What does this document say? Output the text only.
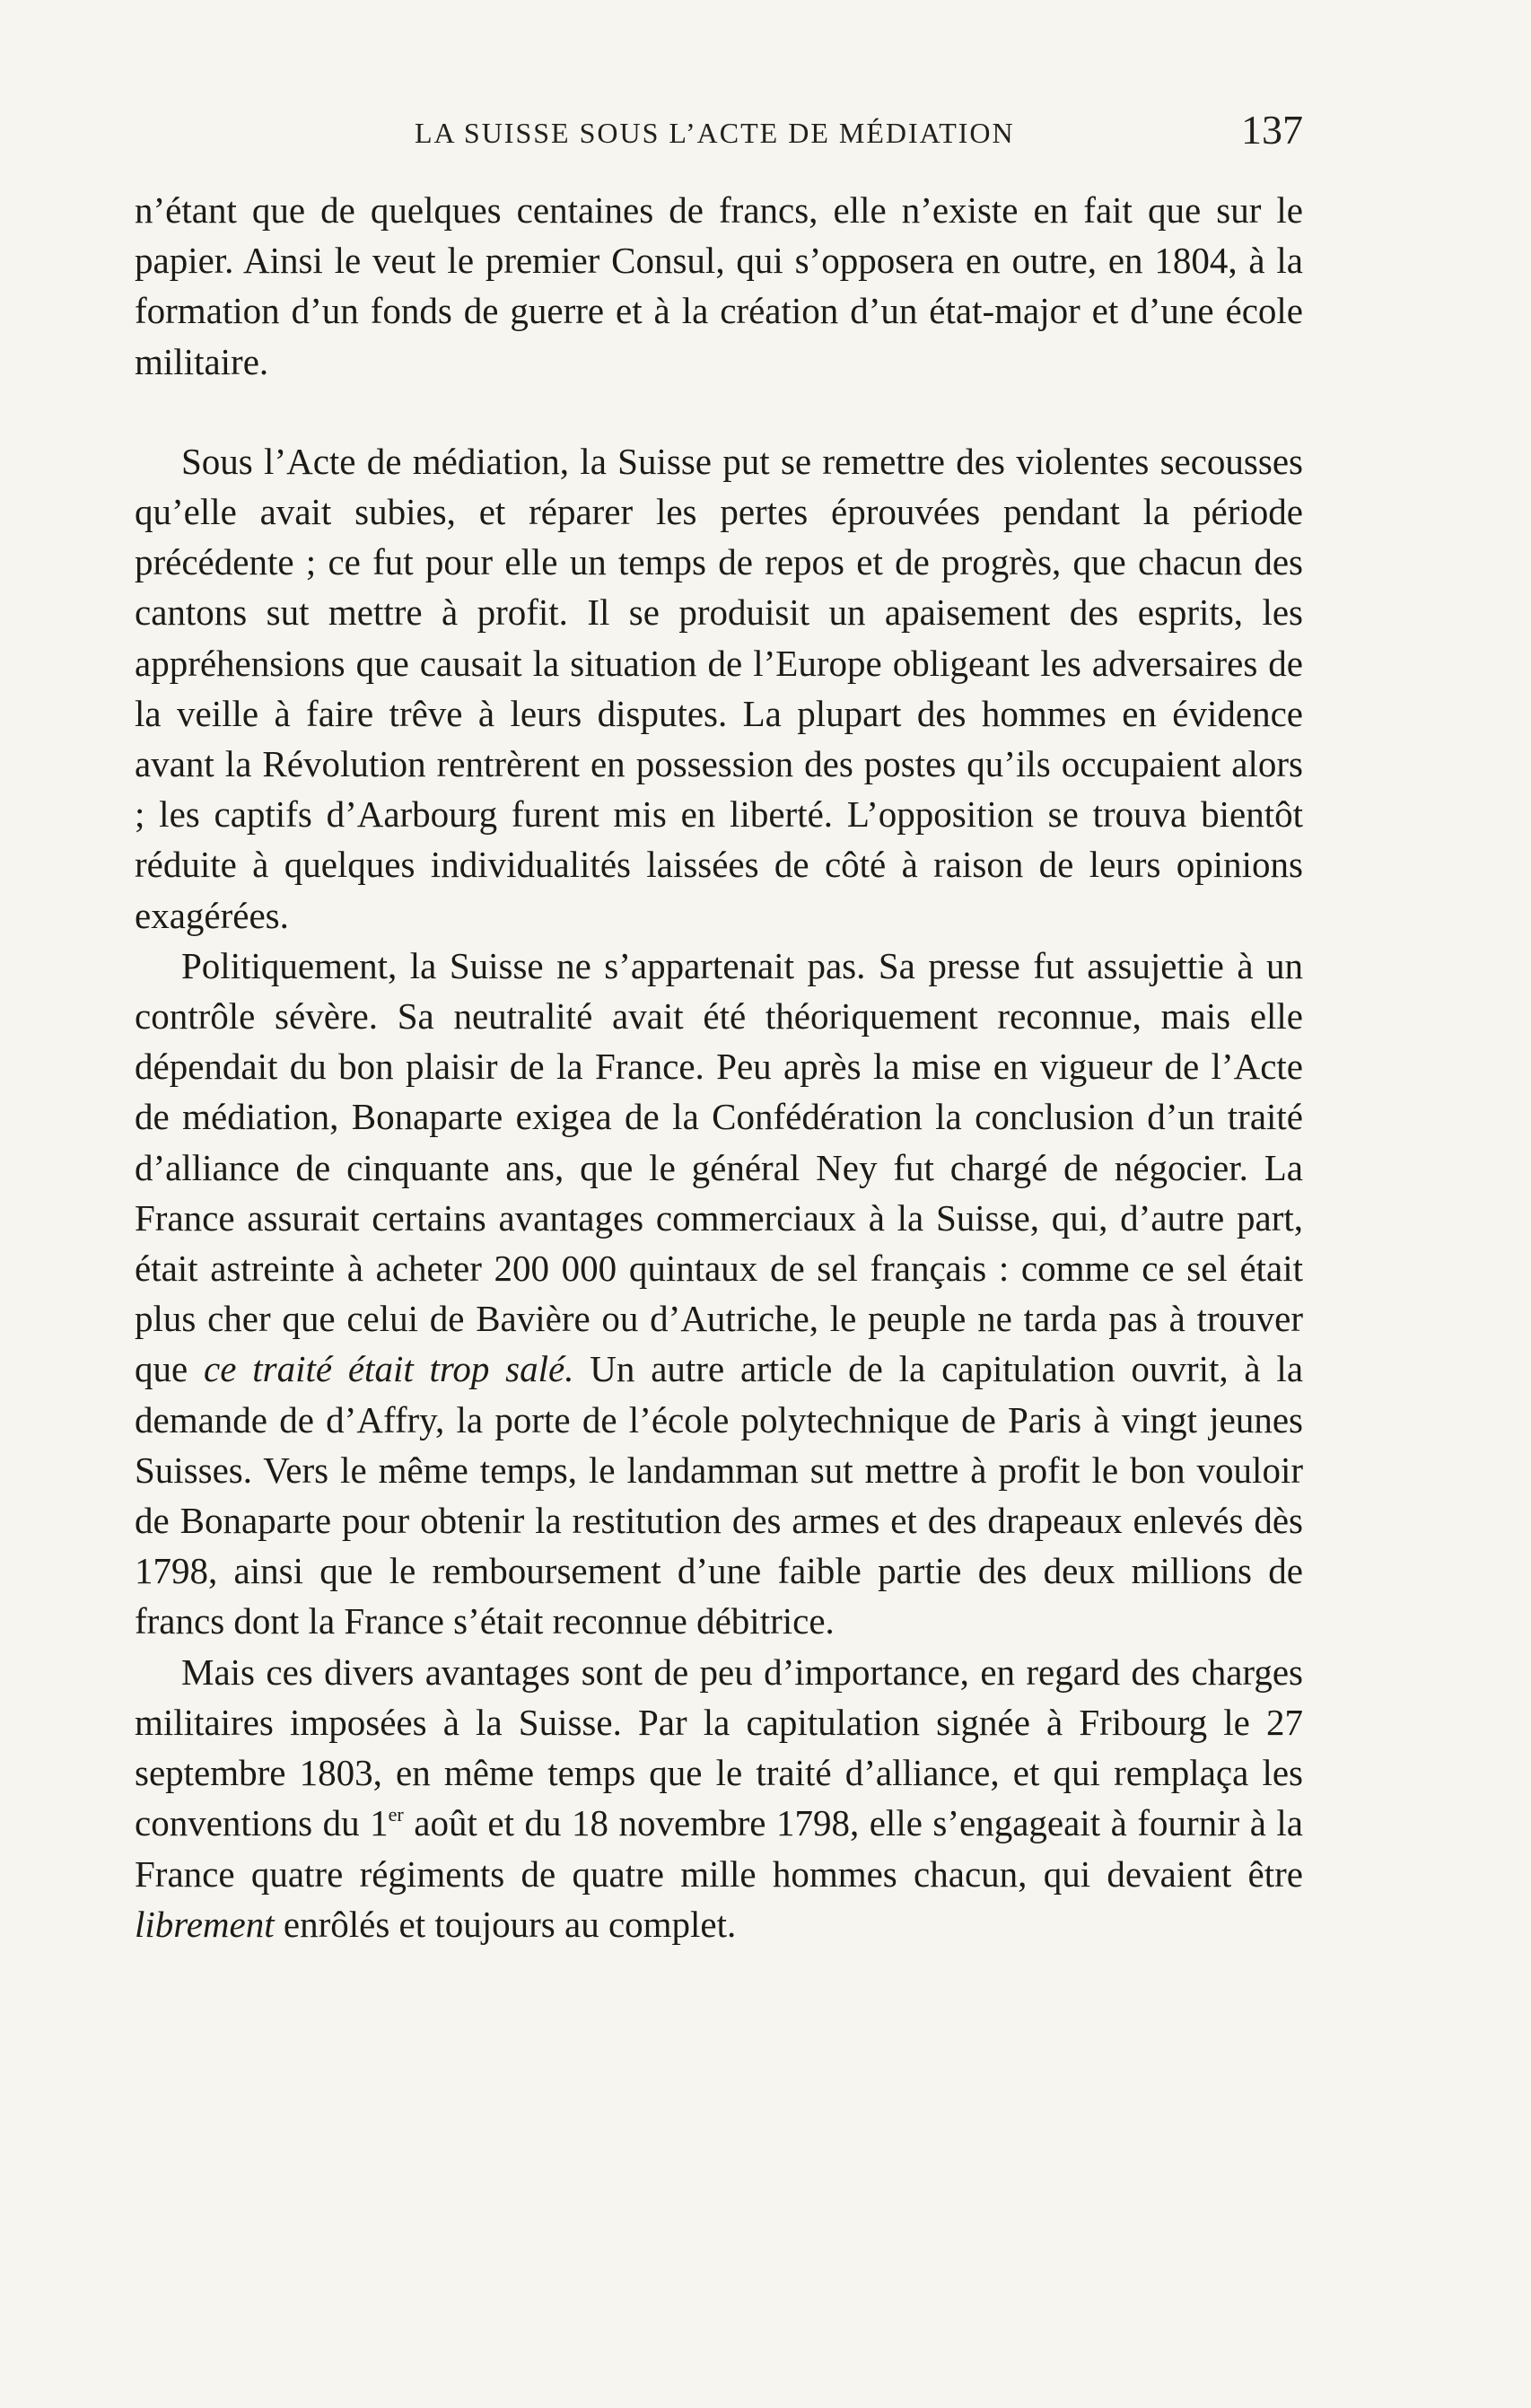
LA SUISSE SOUS L’ACTE DE MÉDIATION	137

n’étant que de quelques centaines de francs, elle n’existe en fait que sur le papier. Ainsi le veut le premier Consul, qui s’opposera en outre, en 1804, à la formation d’un fonds de guerre et à la création d’un état-major et d’une école militaire.

Sous l’Acte de médiation, la Suisse put se remettre des violentes secousses qu’elle avait subies, et réparer les pertes éprouvées pendant la période précédente ; ce fut pour elle un temps de repos et de progrès, que chacun des cantons sut mettre à profit. Il se produisit un apaisement des esprits, les appréhensions que causait la situation de l’Europe obligeant les adversaires de la veille à faire trêve à leurs disputes. La plupart des hommes en évidence avant la Révolution rentrèrent en possession des postes qu’ils occupaient alors ; les captifs d’Aarbourg furent mis en liberté. L’opposition se trouva bientôt réduite à quelques individualités laissées de côté à raison de leurs opinions exagérées.

Politiquement, la Suisse ne s’appartenait pas. Sa presse fut assujettie à un contrôle sévère. Sa neutralité avait été théoriquement reconnue, mais elle dépendait du bon plaisir de la France. Peu après la mise en vigueur de l’Acte de médiation, Bonaparte exigea de la Confédération la conclusion d’un traité d’alliance de cinquante ans, que le général Ney fut chargé de négocier. La France assurait certains avantages commerciaux à la Suisse, qui, d’autre part, était astreinte à acheter 200 000 quintaux de sel français : comme ce sel était plus cher que celui de Bavière ou d’Autriche, le peuple ne tarda pas à trouver que ce traité était trop salé. Un autre article de la capitulation ouvrit, à la demande de d’Affry, la porte de l’école polytechnique de Paris à vingt jeunes Suisses. Vers le même temps, le landamman sut mettre à profit le bon vouloir de Bonaparte pour obtenir la restitution des armes et des drapeaux enlevés dès 1798, ainsi que le remboursement d’une faible partie des deux millions de francs dont la France s’était reconnue débitrice.

Mais ces divers avantages sont de peu d’importance, en regard des charges militaires imposées à la Suisse. Par la capitulation signée à Fribourg le 27 septembre 1803, en même temps que le traité d’alliance, et qui remplaça les conventions du 1er août et du 18 novembre 1798, elle s’engageait à fournir à la France quatre régiments de quatre mille hommes chacun, qui devaient être librement enrôlés et toujours au complet.
